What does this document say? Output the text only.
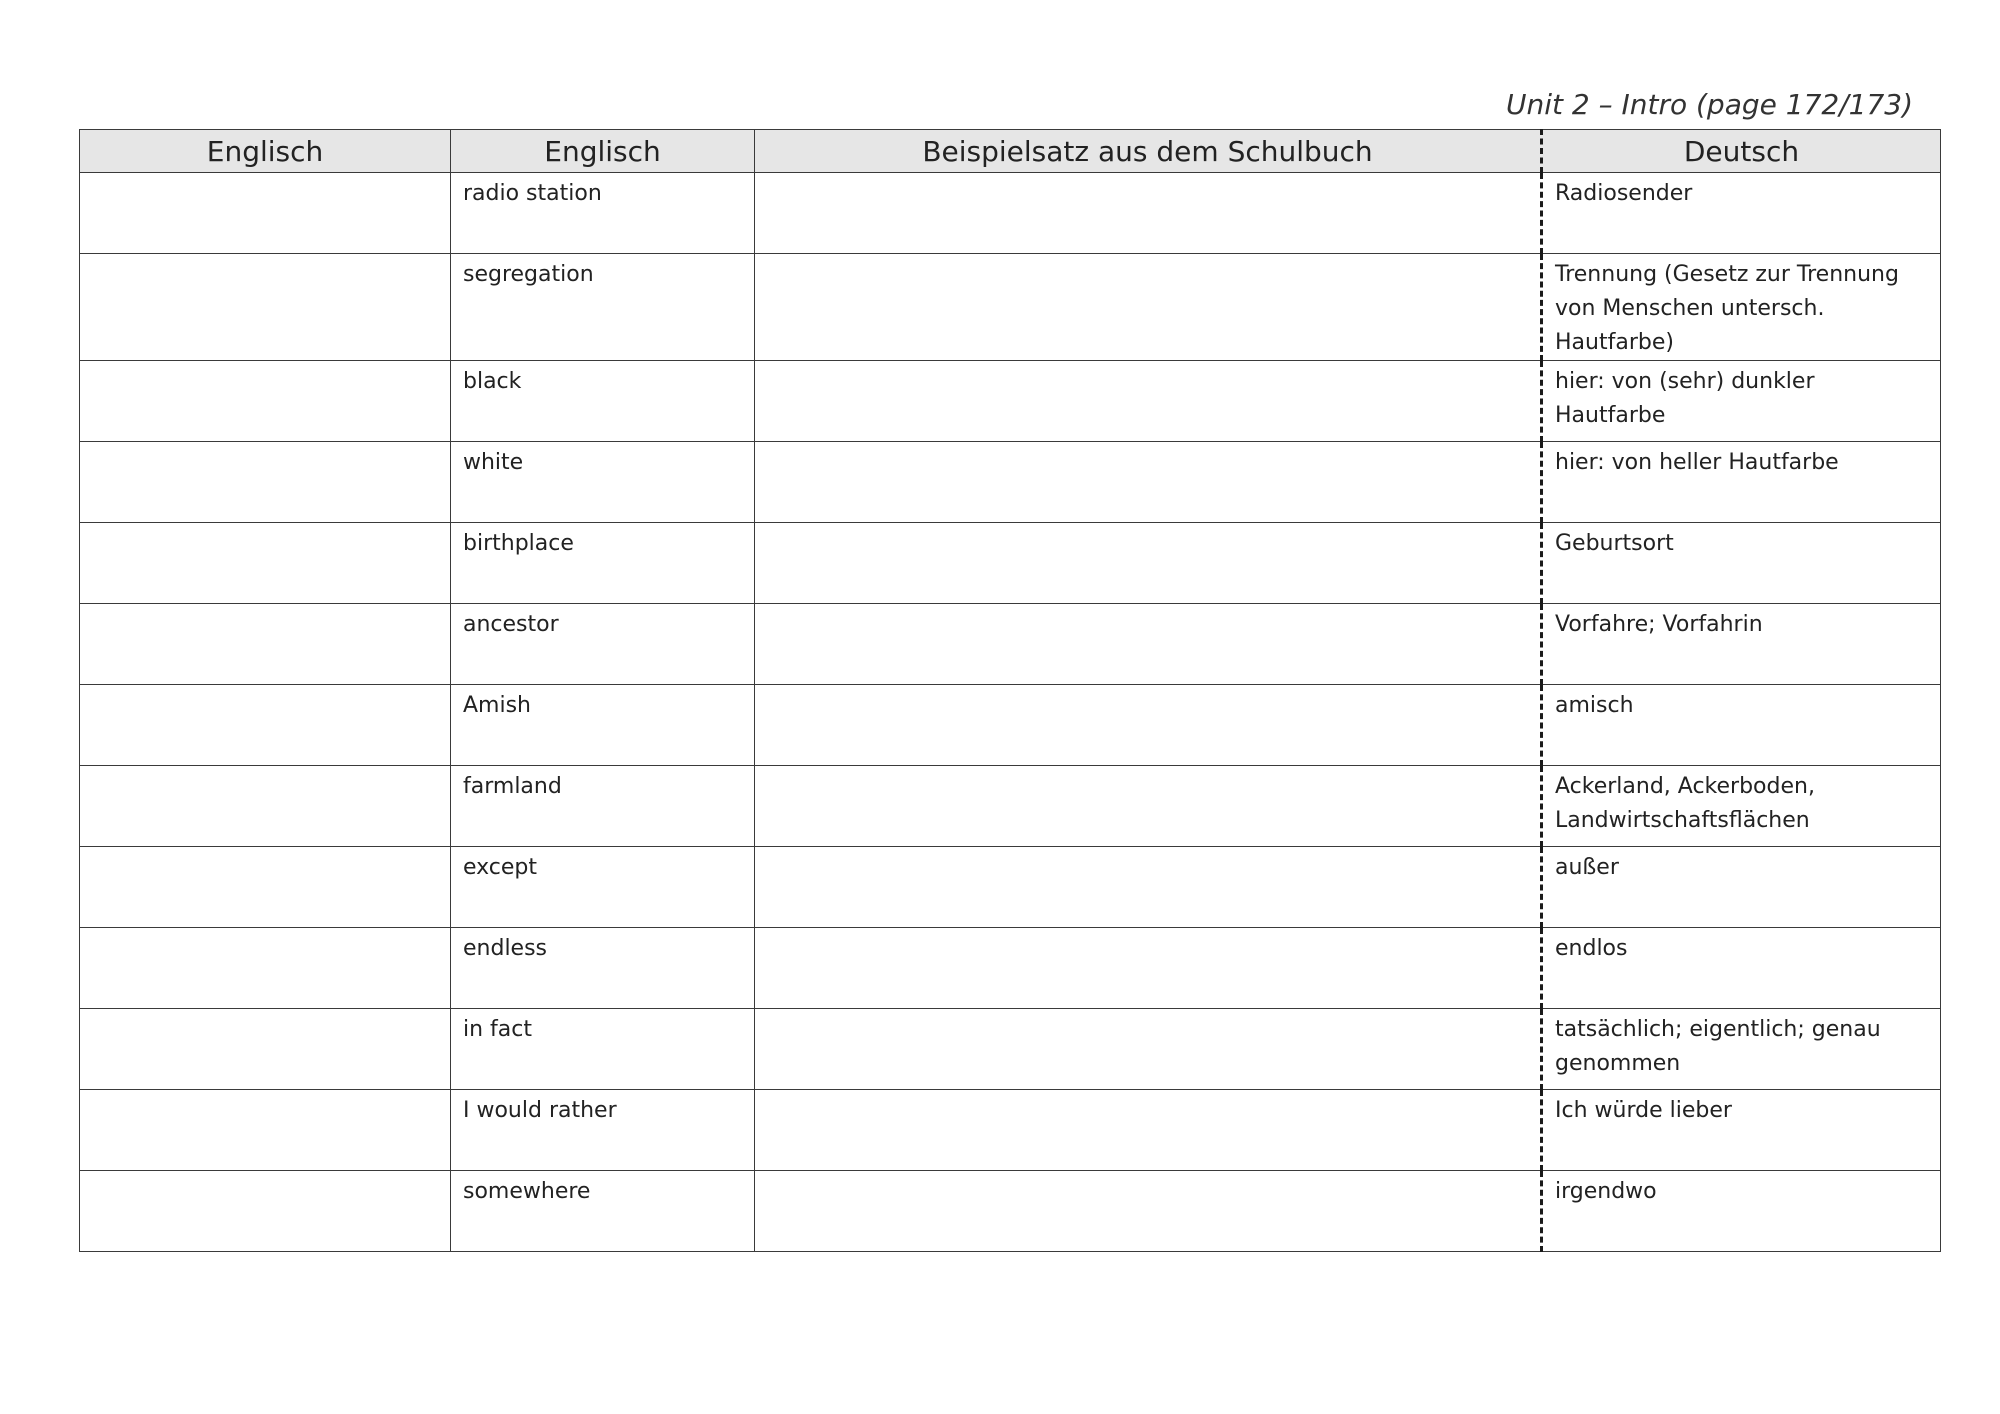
Unit 2 – Intro (page 172/173)
Englisch	Englisch	Beispielsatz aus dem Schulbuch	Deutsch

	radio station		Radiosender

	segregation		Trennung (Gesetz zur Trennung von Menschen untersch. Hautfarbe)

	black		hier: von (sehr) dunkler Hautfarbe

	white		hier: von heller Hautfarbe

	birthplace		Geburtsort

	ancestor		Vorfahre; Vorfahrin

	Amish		amisch

	farmland		Ackerland, Ackerboden, Landwirtschaftsflächen

	except		außer

	endless		endlos

	in fact		tatsächlich; eigentlich; genau genommen

	I would rather		Ich würde lieber

	somewhere		irgendwo
